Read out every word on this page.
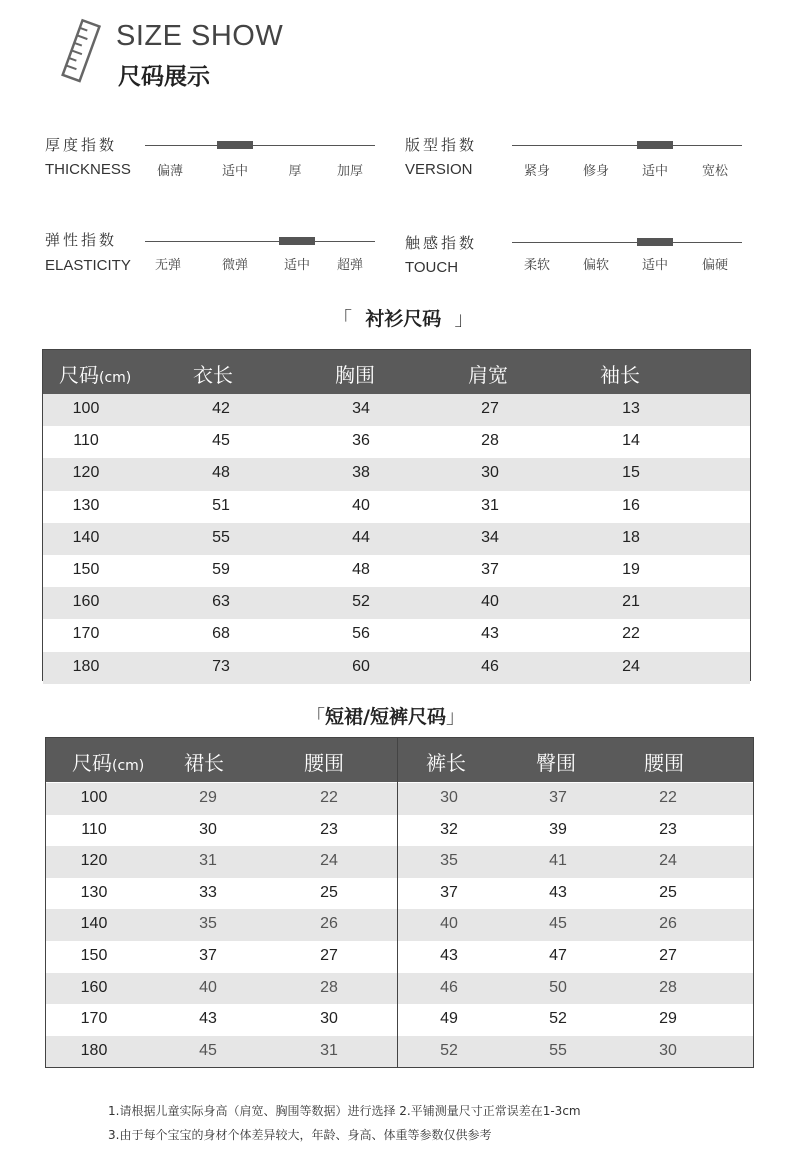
SIZE SHOW
尺码展示
厚度指数
THICKNESS 偏薄	适中	厚	加厚
版型指数
VERSION	紧身	修身	适中	宽松
弹性指数
ELASTICITY 无弹	微弹	适中 超弹
触感指数
TOUCH	柔软	偏软	适中	偏硬
「 衬衫尺码 」
尺码(cm)	衣长	胸围	肩宽	袖长
100	42	34	27	13
110	45	36	28	14
120	48	38	30	15
130	51	40	31	16
140	55	44	34	18
150	59	48	37	19
160	63	52	40	21
170	68	56	43	22
180	73	60	46	24
「短裙/短裤尺码」
尺码(cm) 裙长	腰围	裤长	臀围	腰围
100	29	22	30	37	22
110	30	23	32	39	23
120	31	24	35	41	24
130	33	25	37	43	25
140	35	26	40	45	26
150	37	27	43	47	27
160	40	28	46	50	28
170	43	30	49	52	29
180	45	31	52	55	30
1.请根据儿童实际身高（肩宽、胸围等数据）进行选择 2.平铺测量尺寸正常误差在1-3cm
3.由于每个宝宝的身材个体差异较大，年龄、身高、体重等参数仅供参考
